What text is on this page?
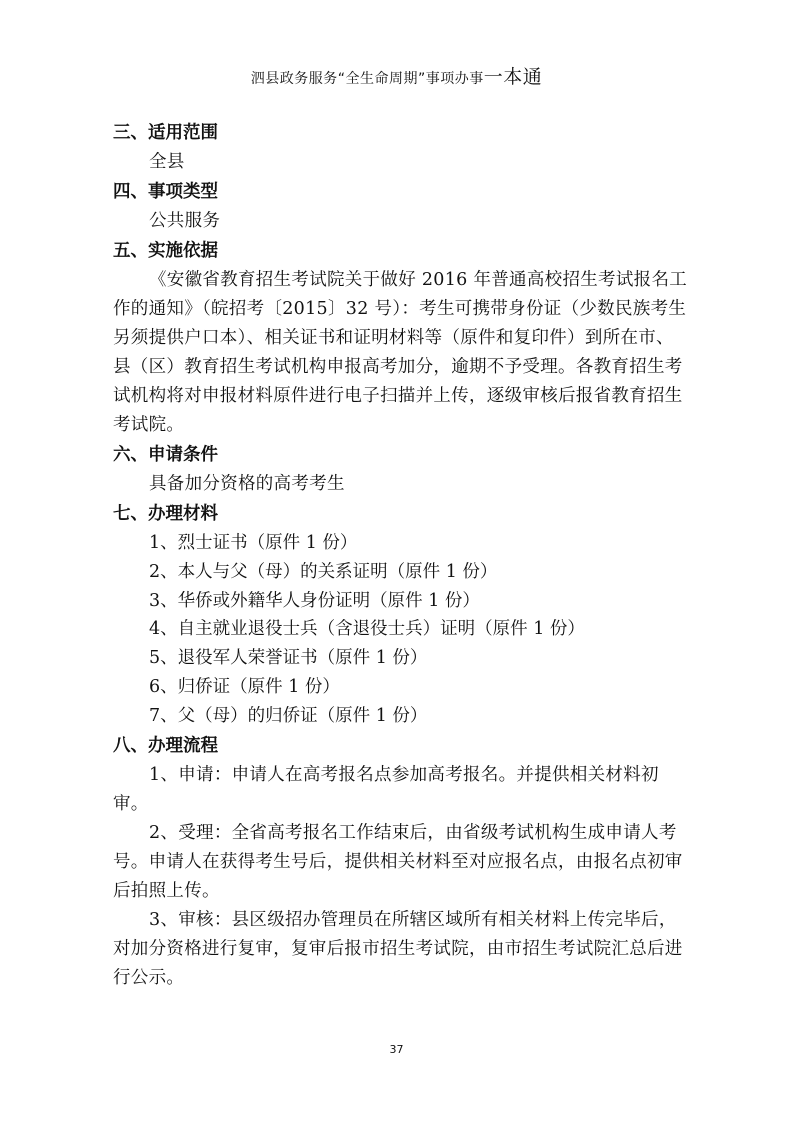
泗县政务服务“全生命周期”事项办事一本通
三、适用范围
全县
四、事项类型
公共服务
五、实施依据
《安徽省教育招生考试院关于做好 2016 年普通高校招生考试报名工作的通知》（皖招考〔2015〕32 号）：考生可携带身份证（少数民族考生另须提供户口本）、相关证书和证明材料等（原件和复印件）到所在市、县（区）教育招生考试机构申报高考加分，逾期不予受理。各教育招生考试机构将对申报材料原件进行电子扫描并上传，逐级审核后报省教育招生考试院。
六、申请条件
具备加分资格的高考考生
七、办理材料
1、烈士证书（原件 1 份）
2、本人与父（母）的关系证明（原件 1 份）
3、华侨或外籍华人身份证明（原件 1 份）
4、自主就业退役士兵（含退役士兵）证明（原件 1 份）
5、退役军人荣誉证书（原件 1 份）
6、归侨证（原件 1 份）
7、父（母）的归侨证（原件 1 份）
八、办理流程
1、申请：申请人在高考报名点参加高考报名。并提供相关材料初审。
2、受理：全省高考报名工作结束后，由省级考试机构生成申请人考号。申请人在获得考生号后，提供相关材料至对应报名点，由报名点初审后拍照上传。
3、审核：县区级招办管理员在所辖区域所有相关材料上传完毕后，对加分资格进行复审，复审后报市招生考试院，由市招生考试院汇总后进行公示。
37
